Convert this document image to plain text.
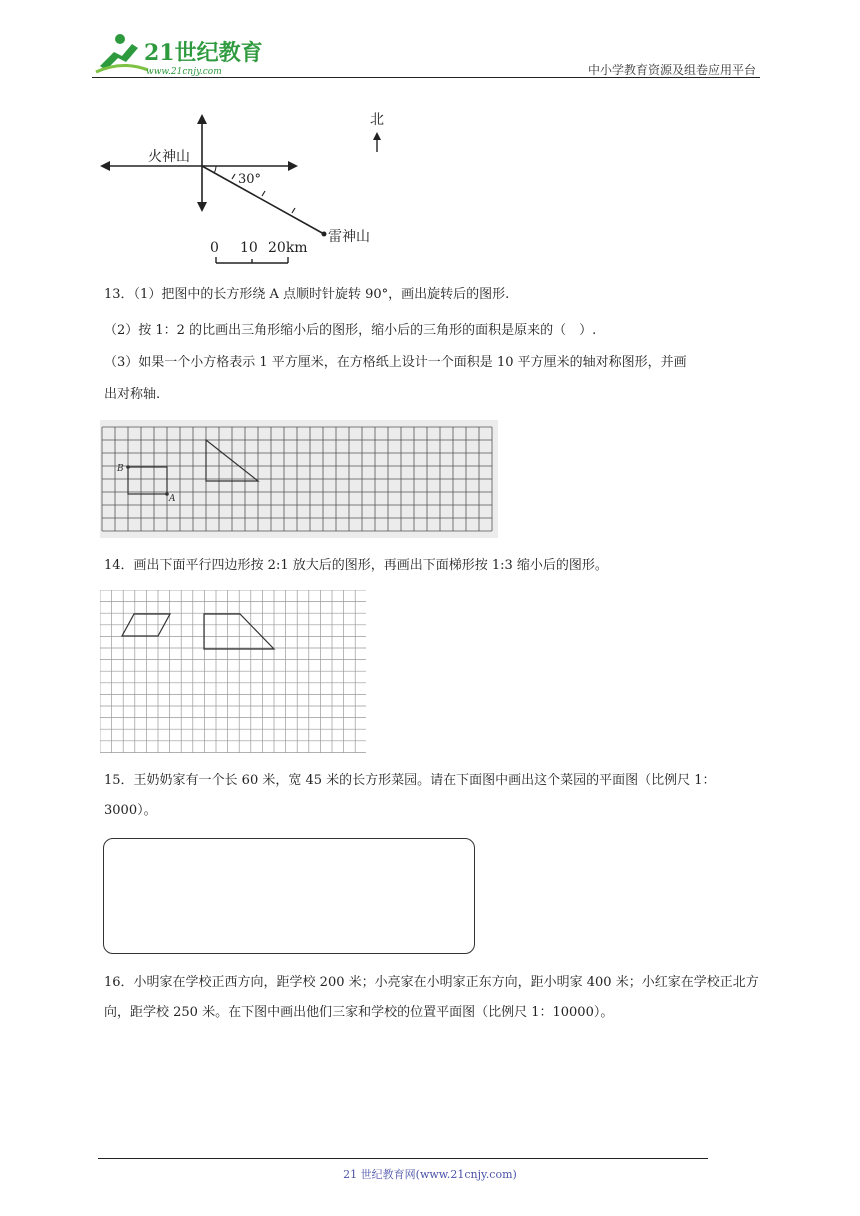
21世纪教育
www.21cnjy.com	中小学教育资源及组卷应用平台
30°
火神山
雷神山
北
0 10 20km
13．（1）把图中的长方形绕 A 点顺时针旋转 90°，画出旋转后的图形.
（2）按 1：2 的比画出三角形缩小后的图形，缩小后的三角形的面积是原来的（　）.
（3）如果一个小方格表示 1 平方厘米，在方格纸上设计一个面积是 10 平方厘米的轴对称图形，并画
出对称轴.
B
A
14．画出下面平行四边形按 2:1 放大后的图形，再画出下面梯形按 1:3 缩小后的图形。
15．王奶奶家有一个长 60 米，宽 45 米的长方形菜园。请在下面图中画出这个菜园的平面图（比例尺 1：3000）。
16．小明家在学校正西方向，距学校 200 米；小亮家在小明家正东方向，距小明家 400 米；小红家在学校正北方向，距学校 250 米。在下图中画出他们三家和学校的位置平面图（比例尺 1：10000）。
21 世纪教育网(www.21cnjy.com)
